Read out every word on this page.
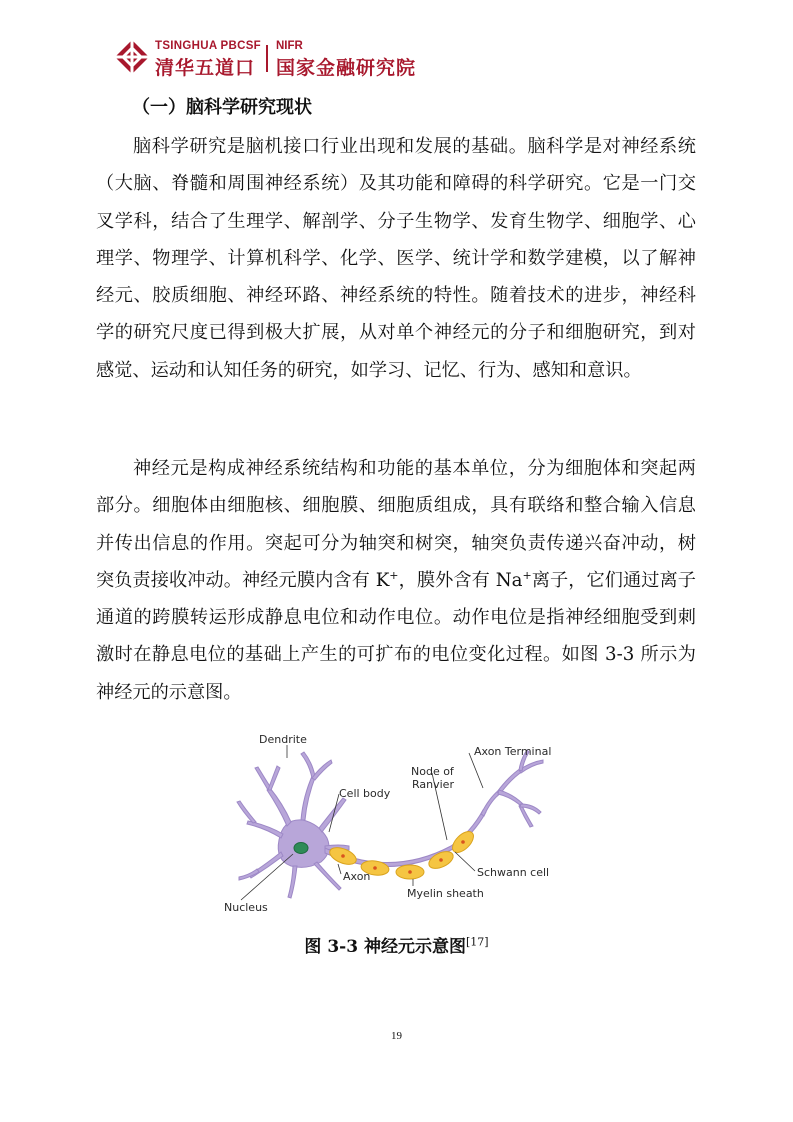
TSINGHUA PBCSF
清华五道口
NIFR
国家金融研究院
（一）脑科学研究现状

脑科学研究是脑机接口行业出现和发展的基础。脑科学是对神经系统（大脑、脊髓和周围神经系统）及其功能和障碍的科学研究。它是一门交叉学科，结合了生理学、解剖学、分子生物学、发育生物学、细胞学、心理学、物理学、计算机科学、化学、医学、统计学和数学建模，以了解神经元、胶质细胞、神经环路、神经系统的特性。随着技术的进步，神经科学的研究尺度已得到极大扩展，从对单个神经元的分子和细胞研究，到对感觉、运动和认知任务的研究，如学习、记忆、行为、感知和意识。

神经元是构成神经系统结构和功能的基本单位，分为细胞体和突起两部分。细胞体由细胞核、细胞膜、细胞质组成，具有联络和整合输入信息并传出信息的作用。突起可分为轴突和树突，轴突负责传递兴奋冲动，树突负责接收冲动。神经元膜内含有 K+，膜外含有 Na+离子，它们通过离子通道的跨膜转运形成静息电位和动作电位。动作电位是指神经细胞受到刺激时在静息电位的基础上产生的可扩布的电位变化过程。如图 3-3 所示为神经元的示意图。

Dendrite
Cell body
Nucleus
Axon
Node of
Ranvier
Axon Terminal
Schwann cell
Myelin sheath
图 3-3 神经元示意图[17]
19
